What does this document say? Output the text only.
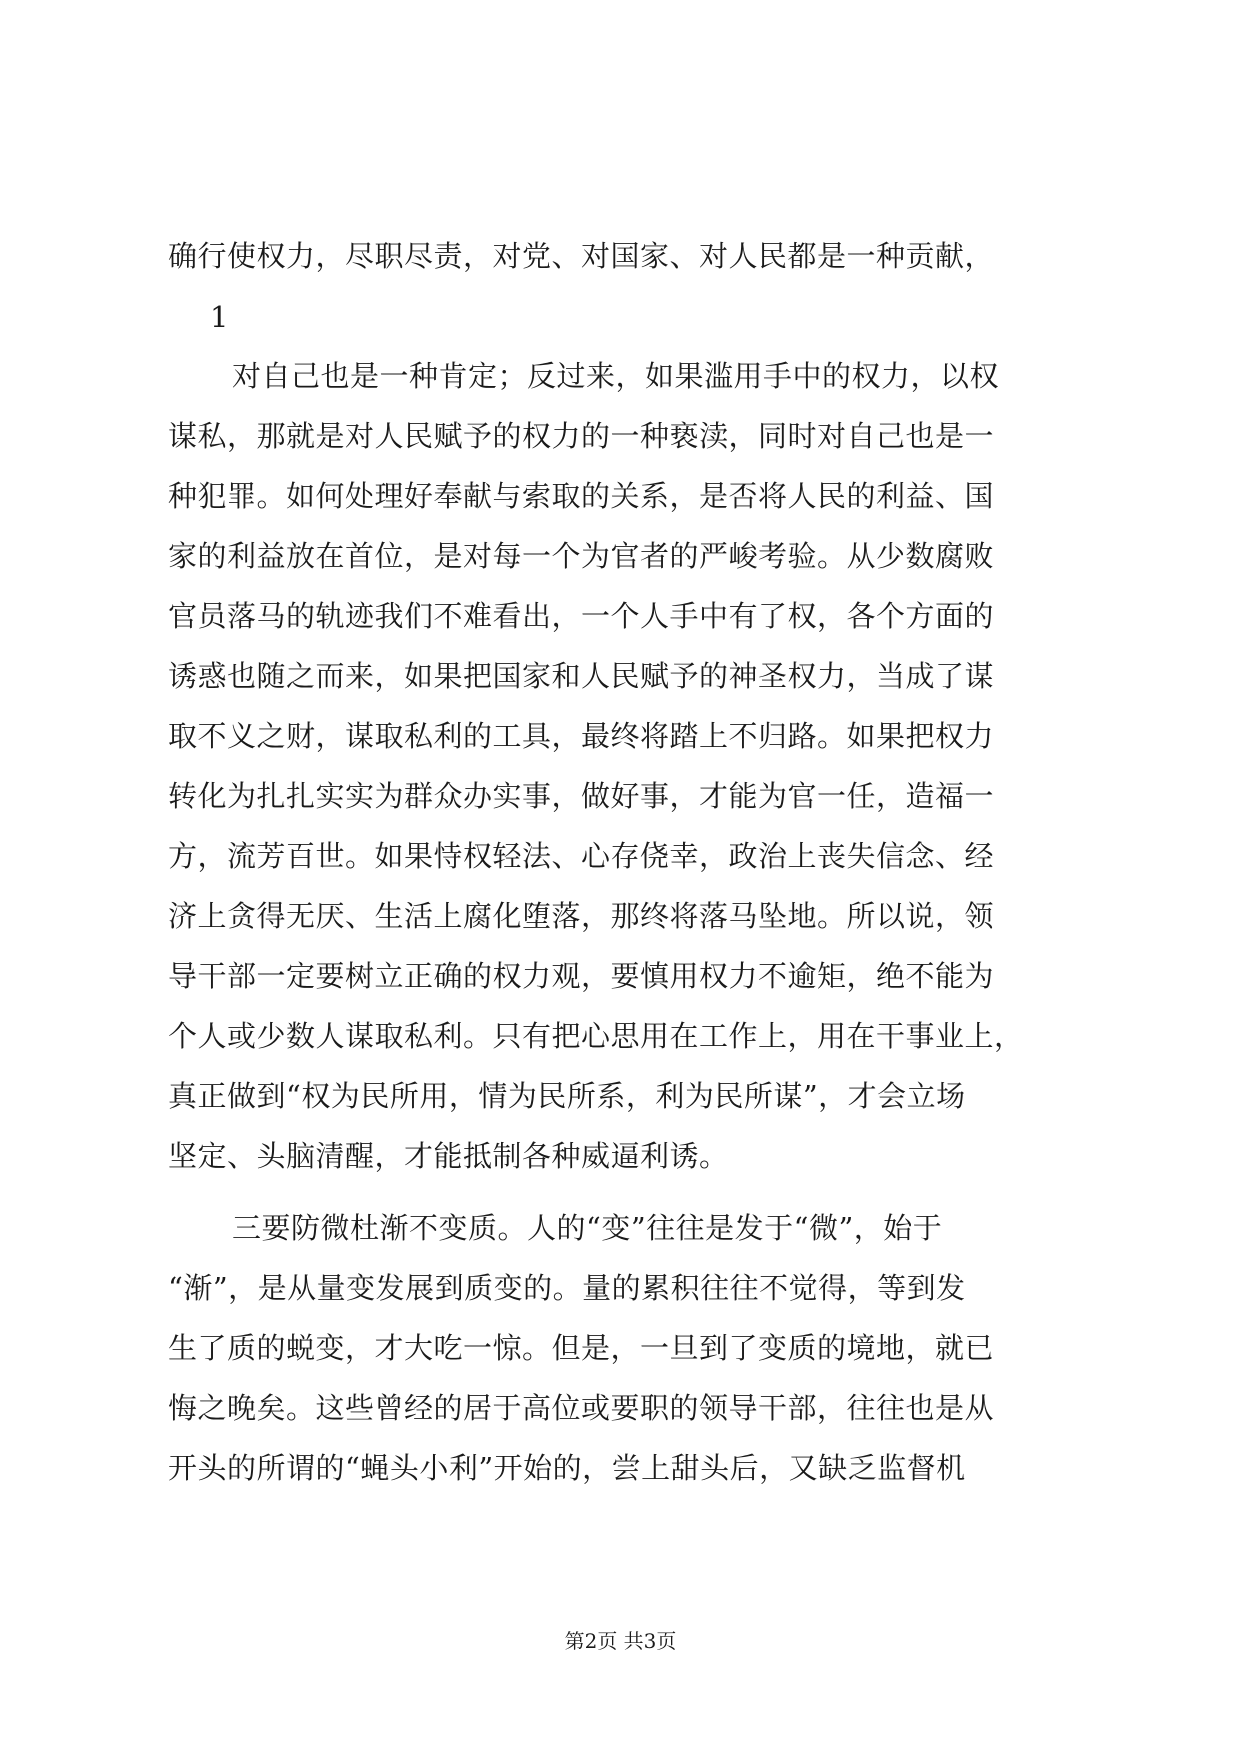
确行使权力，尽职尽责，对党、对国家、对人民都是一种贡献，
1
对自己也是一种肯定；反过来，如果滥用手中的权力，以权
谋私，那就是对人民赋予的权力的一种亵渎，同时对自己也是一
种犯罪。如何处理好奉献与索取的关系，是否将人民的利益、国
家的利益放在首位，是对每一个为官者的严峻考验。从少数腐败
官员落马的轨迹我们不难看出，一个人手中有了权，各个方面的
诱惑也随之而来，如果把国家和人民赋予的神圣权力，当成了谋
取不义之财，谋取私利的工具，最终将踏上不归路。如果把权力
转化为扎扎实实为群众办实事，做好事，才能为官一任，造福一
方，流芳百世。如果恃权轻法、心存侥幸，政治上丧失信念、经
济上贪得无厌、生活上腐化堕落，那终将落马坠地。所以说，领
导干部一定要树立正确的权力观，要慎用权力不逾矩，绝不能为
个人或少数人谋取私利。只有把心思用在工作上，用在干事业上，
真正做到“权为民所用，情为民所系，利为民所谋”，才会立场
坚定、头脑清醒，才能抵制各种威逼利诱。
三要防微杜渐不变质。人的“变”往往是发于“微”，始于
“渐”，是从量变发展到质变的。量的累积往往不觉得，等到发
生了质的蜕变，才大吃一惊。但是，一旦到了变质的境地，就已
悔之晚矣。这些曾经的居于高位或要职的领导干部，往往也是从
开头的所谓的“蝇头小利”开始的，尝上甜头后，又缺乏监督机
第2页 共3页
